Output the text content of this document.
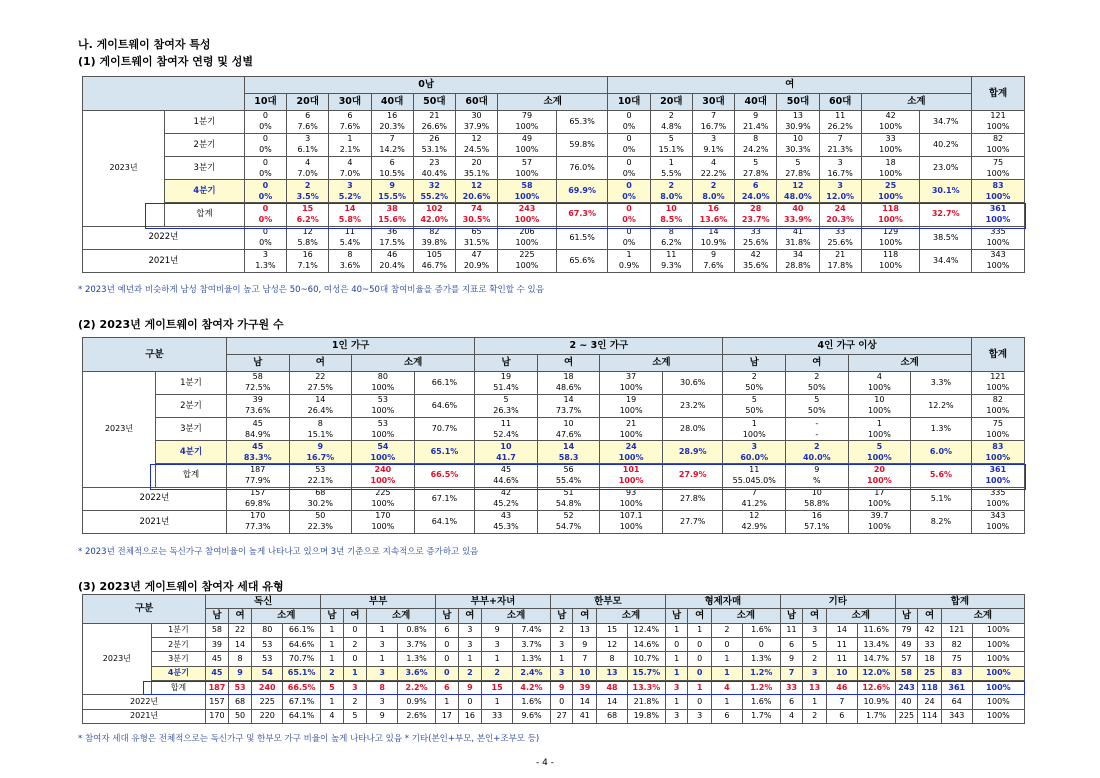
나. 게이트웨이 참여자 특성
(1) 게이트웨이 참여자 연령 및 성별
		0남								여								합계
		10대	20대	30대	40대	50대	60대	소계		10대	20대	30대	40대	50대	60대	소계		
2023년	1분기	0	6	6	16	21	30	79	65.3%	0	2	7	9	13	11	42	34.7%	121
		0%	7.6%	7.6%	20.3%	26.6%	37.9%	100%		0%	4.8%	16.7%	21.4%	30.9%	26.2%	100%		100%
	2분기	0	3	1	7	26	12	49	59.8%	0	5	3	8	10	7	33	40.2%	82
		0%	6.1%	2.1%	14.2%	53.1%	24.5%	100%		0%	15.1%	9.1%	24.2%	30.3%	21.3%	100%		100%
	3분기	0	4	4	6	23	20	57	76.0%	0	1	4	5	5	3	18	23.0%	75
		0%	7.0%	7.0%	10.5%	40.4%	35.1%	100%		0%	5.5%	22.2%	27.8%	27.8%	16.7%	100%		100%
	4분기	0	2	3	9	32	12	58	69.9%	0	2	2	6	12	3	25	30.1%	83
		0%	3.5%	5.2%	15.5%	55.2%	20.6%	100%		0%	8.0%	8.0%	24.0%	48.0%	12.0%	100%		100%
	합계	0	15	14	38	102	74	243	67.3%	0	10	16	28	40	24	118	32.7%	361
		0%	6.2%	5.8%	15.6%	42.0%	30.5%	100%		0%	8.5%	13.6%	23.7%	33.9%	20.3%	100%		100%
2022년		0	12	11	36	82	65	206	61.5%	0	8	14	33	41	33	129	38.5%	335
		0%	5.8%	5.4%	17.5%	39.8%	31.5%	100%		0%	6.2%	10.9%	25.6%	31.8%	25.6%	100%		100%
2021년		3	16	8	46	105	47	225	65.6%	1	11	9	42	34	21	118	34.4%	343
		1.3%	7.1%	3.6%	20.4%	46.7%	20.9%	100%		0.9%	9.3%	7.6%	35.6%	28.8%	17.8%	100%		100%
* 2023년 예년과 비슷하게 남성 참여비율이 높고 남성은 50~60, 여성은 40~50대 참여비율을 증가를 지표로 확인할 수 있음
(2) 2023년 게이트웨이 참여자 가구원 수
구분		1인 가구				2 ~ 3인 가구				4인 가구 이상				합계
		남	여	소계		남	여	소계		남	여	소계		
2023년	1분기	58	22	80	66.1%	19	18	37	30.6%	2	2	4	3.3%	121
		72.5%	27.5%	100%		51.4%	48.6%	100%		50%	50%	100%		100%
	2분기	39	14	53	64.6%	5	14	19	23.2%	5	5	10	12.2%	82
		73.6%	26.4%	100%		26.3%	73.7%	100%		50%	50%	100%		100%
	3분기	45	8	53	70.7%	11	10	21	28.0%	1	-	1	1.3%	75
		84.9%	15.1%	100%		52.4%	47.6%	100%		100%	-	100%		100%
	4분기	45	9	54	65.1%	10	14	24	28.9%	3	2	5	6.0%	83
		83.3%	16.7%	100%		41.7	58.3	100%		60.0%	40.0%	100%		100%
	합계	187	53	240	66.5%	45	56	101	27.9%	11	9	20	5.6%	361
		77.9%	22.1%	100%		44.6%	55.4%	100%		55.045.0%	%	100%		100%
2022년		157	68	225	67.1%	42	51	93	27.8%	7	10	17	5.1%	335
		69.8%	30.2%	100%		45.2%	54.8%	100%		41.2%	58.8%	100%		100%
2021년		170	50	170	64.1%	43	52	107.1	27.7%	12	16	39.7	8.2%	343
		77.3%	22.3%	100%		45.3%	54.7%	100%		42.9%	57.1%	100%		100%
* 2023년 전체적으로는 독신가구 참여비율이 높게 나타나고 있으며 3년 기준으로 지속적으로 증가하고 있음
(3) 2023년 게이트웨이 참여자 세대 유형
구분		독신				부부				부부+자녀				한부모				형제자매				기타				합계			
		남	여	소계		남	여	소계		남	여	소계		남	여	소계		남	여	소계		남	여	소계		남	여	소계	
2023년	1분기	58	22	80	66.1%	1	0	1	0.8%	6	3	9	7.4%	2	13	15	12.4%	1	1	2	1.6%	11	3	14	11.6%	79	42	121	100%
	2분기	39	14	53	64.6%	1	2	3	3.7%	0	3	3	3.7%	3	9	12	14.6%	0	0	0	0	6	5	11	13.4%	49	33	82	100%
	3분기	45	8	53	70.7%	1	0	1	1.3%	0	1	1	1.3%	1	7	8	10.7%	1	0	1	1.3%	9	2	11	14.7%	57	18	75	100%
	4분기	45	9	54	65.1%	2	1	3	3.6%	0	2	2	2.4%	3	10	13	15.7%	1	0	1	1.2%	7	3	10	12.0%	58	25	83	100%
	합계	187	53	240	66.5%	5	3	8	2.2%	6	9	15	4.2%	9	39	48	13.3%	3	1	4	1.2%	33	13	46	12.6%	243	118	361	100%
2022년		157	68	225	67.1%	1	2	3	0.9%	1	0	1	1.6%	0	14	14	21.8%	1	0	1	1.6%	6	1	7	10.9%	40	24	64	100%
2021년		170	50	220	64.1%	4	5	9	2.6%	17	16	33	9.6%	27	41	68	19.8%	3	3	6	1.7%	4	2	6	1.7%	225	114	343	100%
* 참여자 세대 유형은 전체적으로는 독신가구 및 한부모 가구 비율이 높게 나타나고 있음 * 기타(본인+부모, 본인+조부모 등)
- 4 -
